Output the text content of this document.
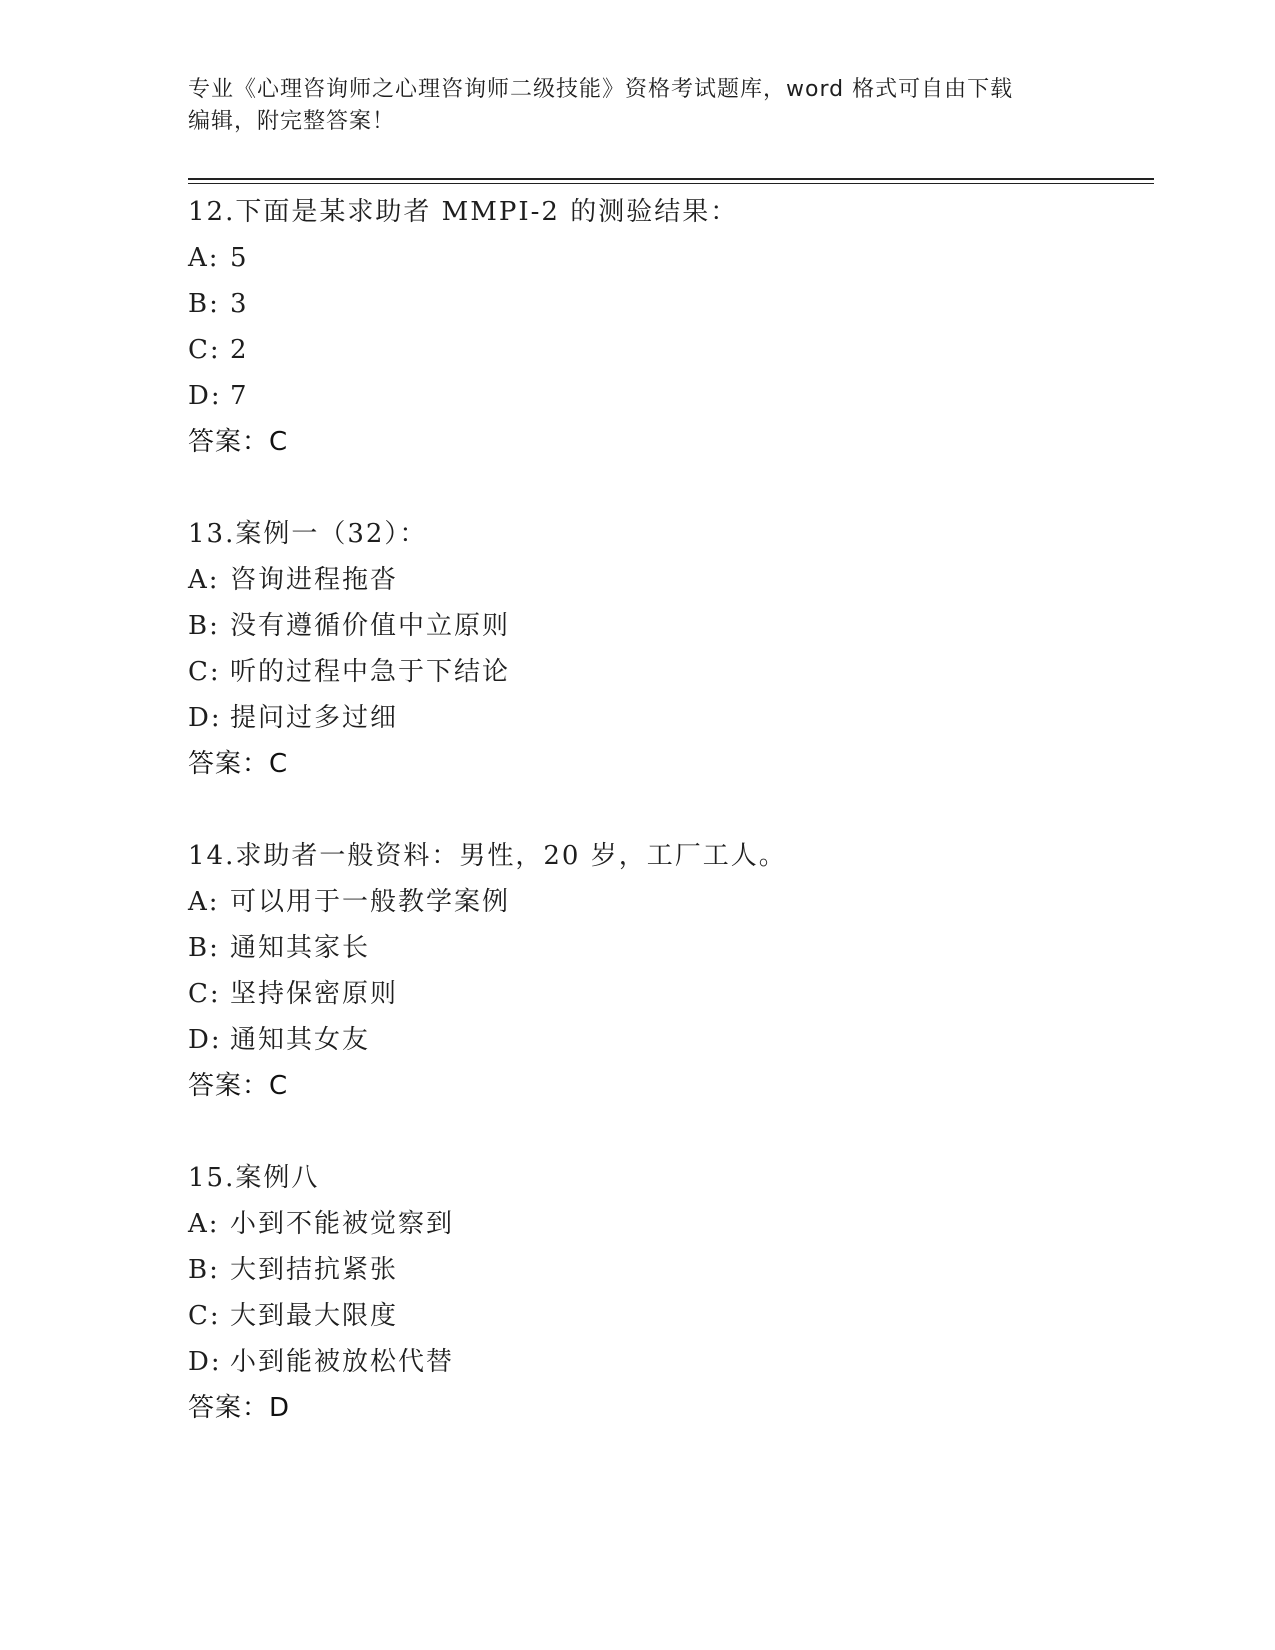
专业《心理咨询师之心理咨询师二级技能》资格考试题库，word 格式可自由下载
编辑，附完整答案！
12.下面是某求助者 MMPI-2 的测验结果：
A: 5
B: 3
C: 2
D: 7
答案：C
13.案例一（32）：
A: 咨询进程拖沓
B: 没有遵循价值中立原则
C: 听的过程中急于下结论
D: 提问过多过细
答案：C
14.求助者一般资料：男性，20 岁，工厂工人。
A: 可以用于一般教学案例
B: 通知其家长
C: 坚持保密原则
D: 通知其女友
答案：C
15.案例八
A: 小到不能被觉察到
B: 大到拮抗紧张
C: 大到最大限度
D: 小到能被放松代替
答案：D
